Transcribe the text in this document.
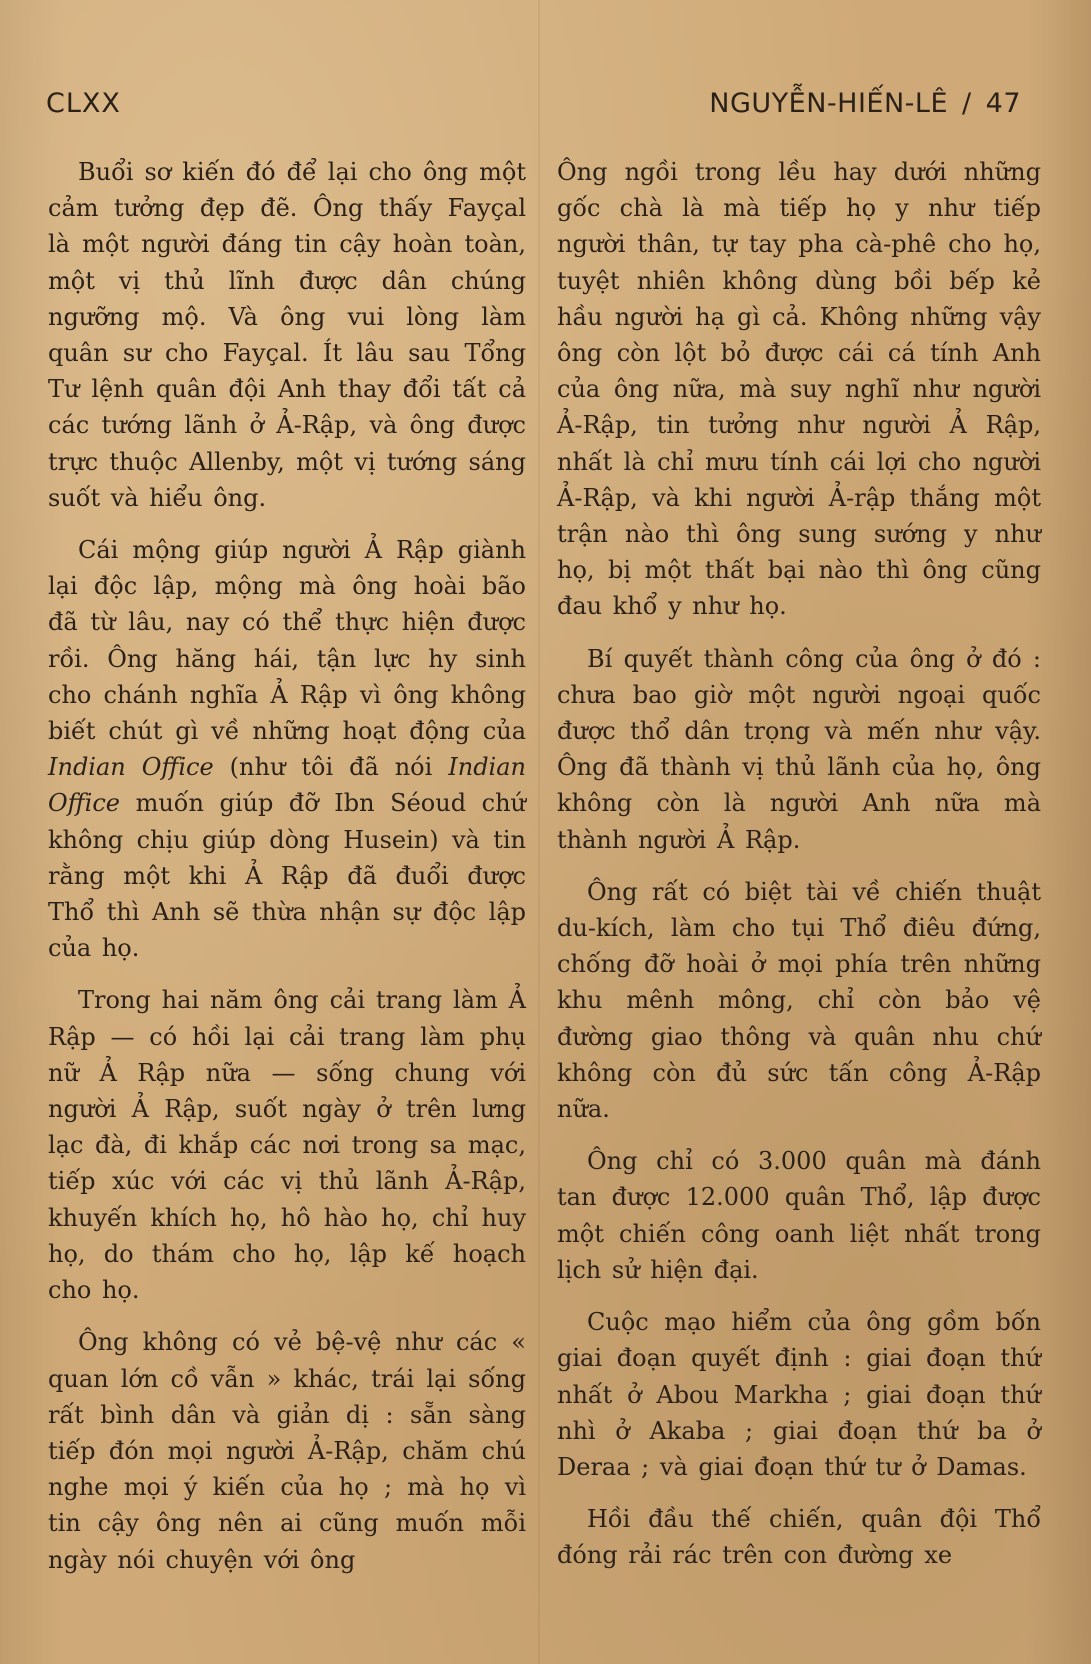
CLXX	NGUYỄN-HIẾN-LÊ / 47

Buổi sơ kiến đó để lại cho ông một cảm tưởng đẹp đẽ. Ông thấy Fayçal là một người đáng tin cậy hoàn toàn, một vị thủ lĩnh được dân chúng ngưỡng mộ. Và ông vui lòng làm quân sư cho Fayçal. Ít lâu sau Tổng Tư lệnh quân đội Anh thay đổi tất cả các tướng lãnh ở Ả-Rập, và ông được trực thuộc Allenby, một vị tướng sáng suốt và hiểu ông.

Cái mộng giúp người Ả Rập giành lại độc lập, mộng mà ông hoài bão đã từ lâu, nay có thể thực hiện được rồi. Ông hăng hái, tận lực hy sinh cho chánh nghĩa Ả Rập vì ông không biết chút gì về những hoạt động của Indian Office (như tôi đã nói Indian Office muốn giúp đỡ Ibn Séoud chứ không chịu giúp dòng Husein) và tin rằng một khi Ả Rập đã đuổi được Thổ thì Anh sẽ thừa nhận sự độc lập của họ.

Trong hai năm ông cải trang làm Ả Rập — có hồi lại cải trang làm phụ nữ Ả Rập nữa — sống chung với người Ả Rập, suốt ngày ở trên lưng lạc đà, đi khắp các nơi trong sa mạc, tiếp xúc với các vị thủ lãnh Ả-Rập, khuyến khích họ, hô hào họ, chỉ huy họ, do thám cho họ, lập kế hoạch cho họ.

Ông không có vẻ bệ-vệ như các « quan lớn cồ vẫn » khác, trái lại sống rất bình dân và giản dị : sẵn sàng tiếp đón mọi người Ả-Rập, chăm chú nghe mọi ý kiến của họ ; mà họ vì tin cậy ông nên ai cũng muốn mỗi ngày nói chuyện với ông

Ông ngồi trong lều hay dưới những gốc chà là mà tiếp họ y như tiếp người thân, tự tay pha cà-phê cho họ, tuyệt nhiên không dùng bồi bếp kẻ hầu người hạ gì cả. Không những vậy ông còn lột bỏ được cái cá tính Anh của ông nữa, mà suy nghĩ như người Ả-Rập, tin tưởng như người Ả Rập, nhất là chỉ mưu tính cái lợi cho người Ả-Rập, và khi người Ả-rập thắng một trận nào thì ông sung sướng y như họ, bị một thất bại nào thì ông cũng đau khổ y như họ.

Bí quyết thành công của ông ở đó : chưa bao giờ một người ngoại quốc được thổ dân trọng và mến như vậy. Ông đã thành vị thủ lãnh của họ, ông không còn là người Anh nữa mà thành người Ả Rập.

Ông rất có biệt tài về chiến thuật du-kích, làm cho tụi Thổ điêu đứng, chống đỡ hoài ở mọi phía trên những khu mênh mông, chỉ còn bảo vệ đường giao thông và quân nhu chứ không còn đủ sức tấn công Ả-Rập nữa.

Ông chỉ có 3.000 quân mà đánh tan được 12.000 quân Thổ, lập được một chiến công oanh liệt nhất trong lịch sử hiện đại.

Cuộc mạo hiểm của ông gồm bốn giai đoạn quyết định : giai đoạn thứ nhất ở Abou Markha ; giai đoạn thứ nhì ở Akaba ; giai đoạn thứ ba ở Deraa ; và giai đoạn thứ tư ở Damas.

Hồi đầu thế chiến, quân đội Thổ đóng rải rác trên con đường xe
